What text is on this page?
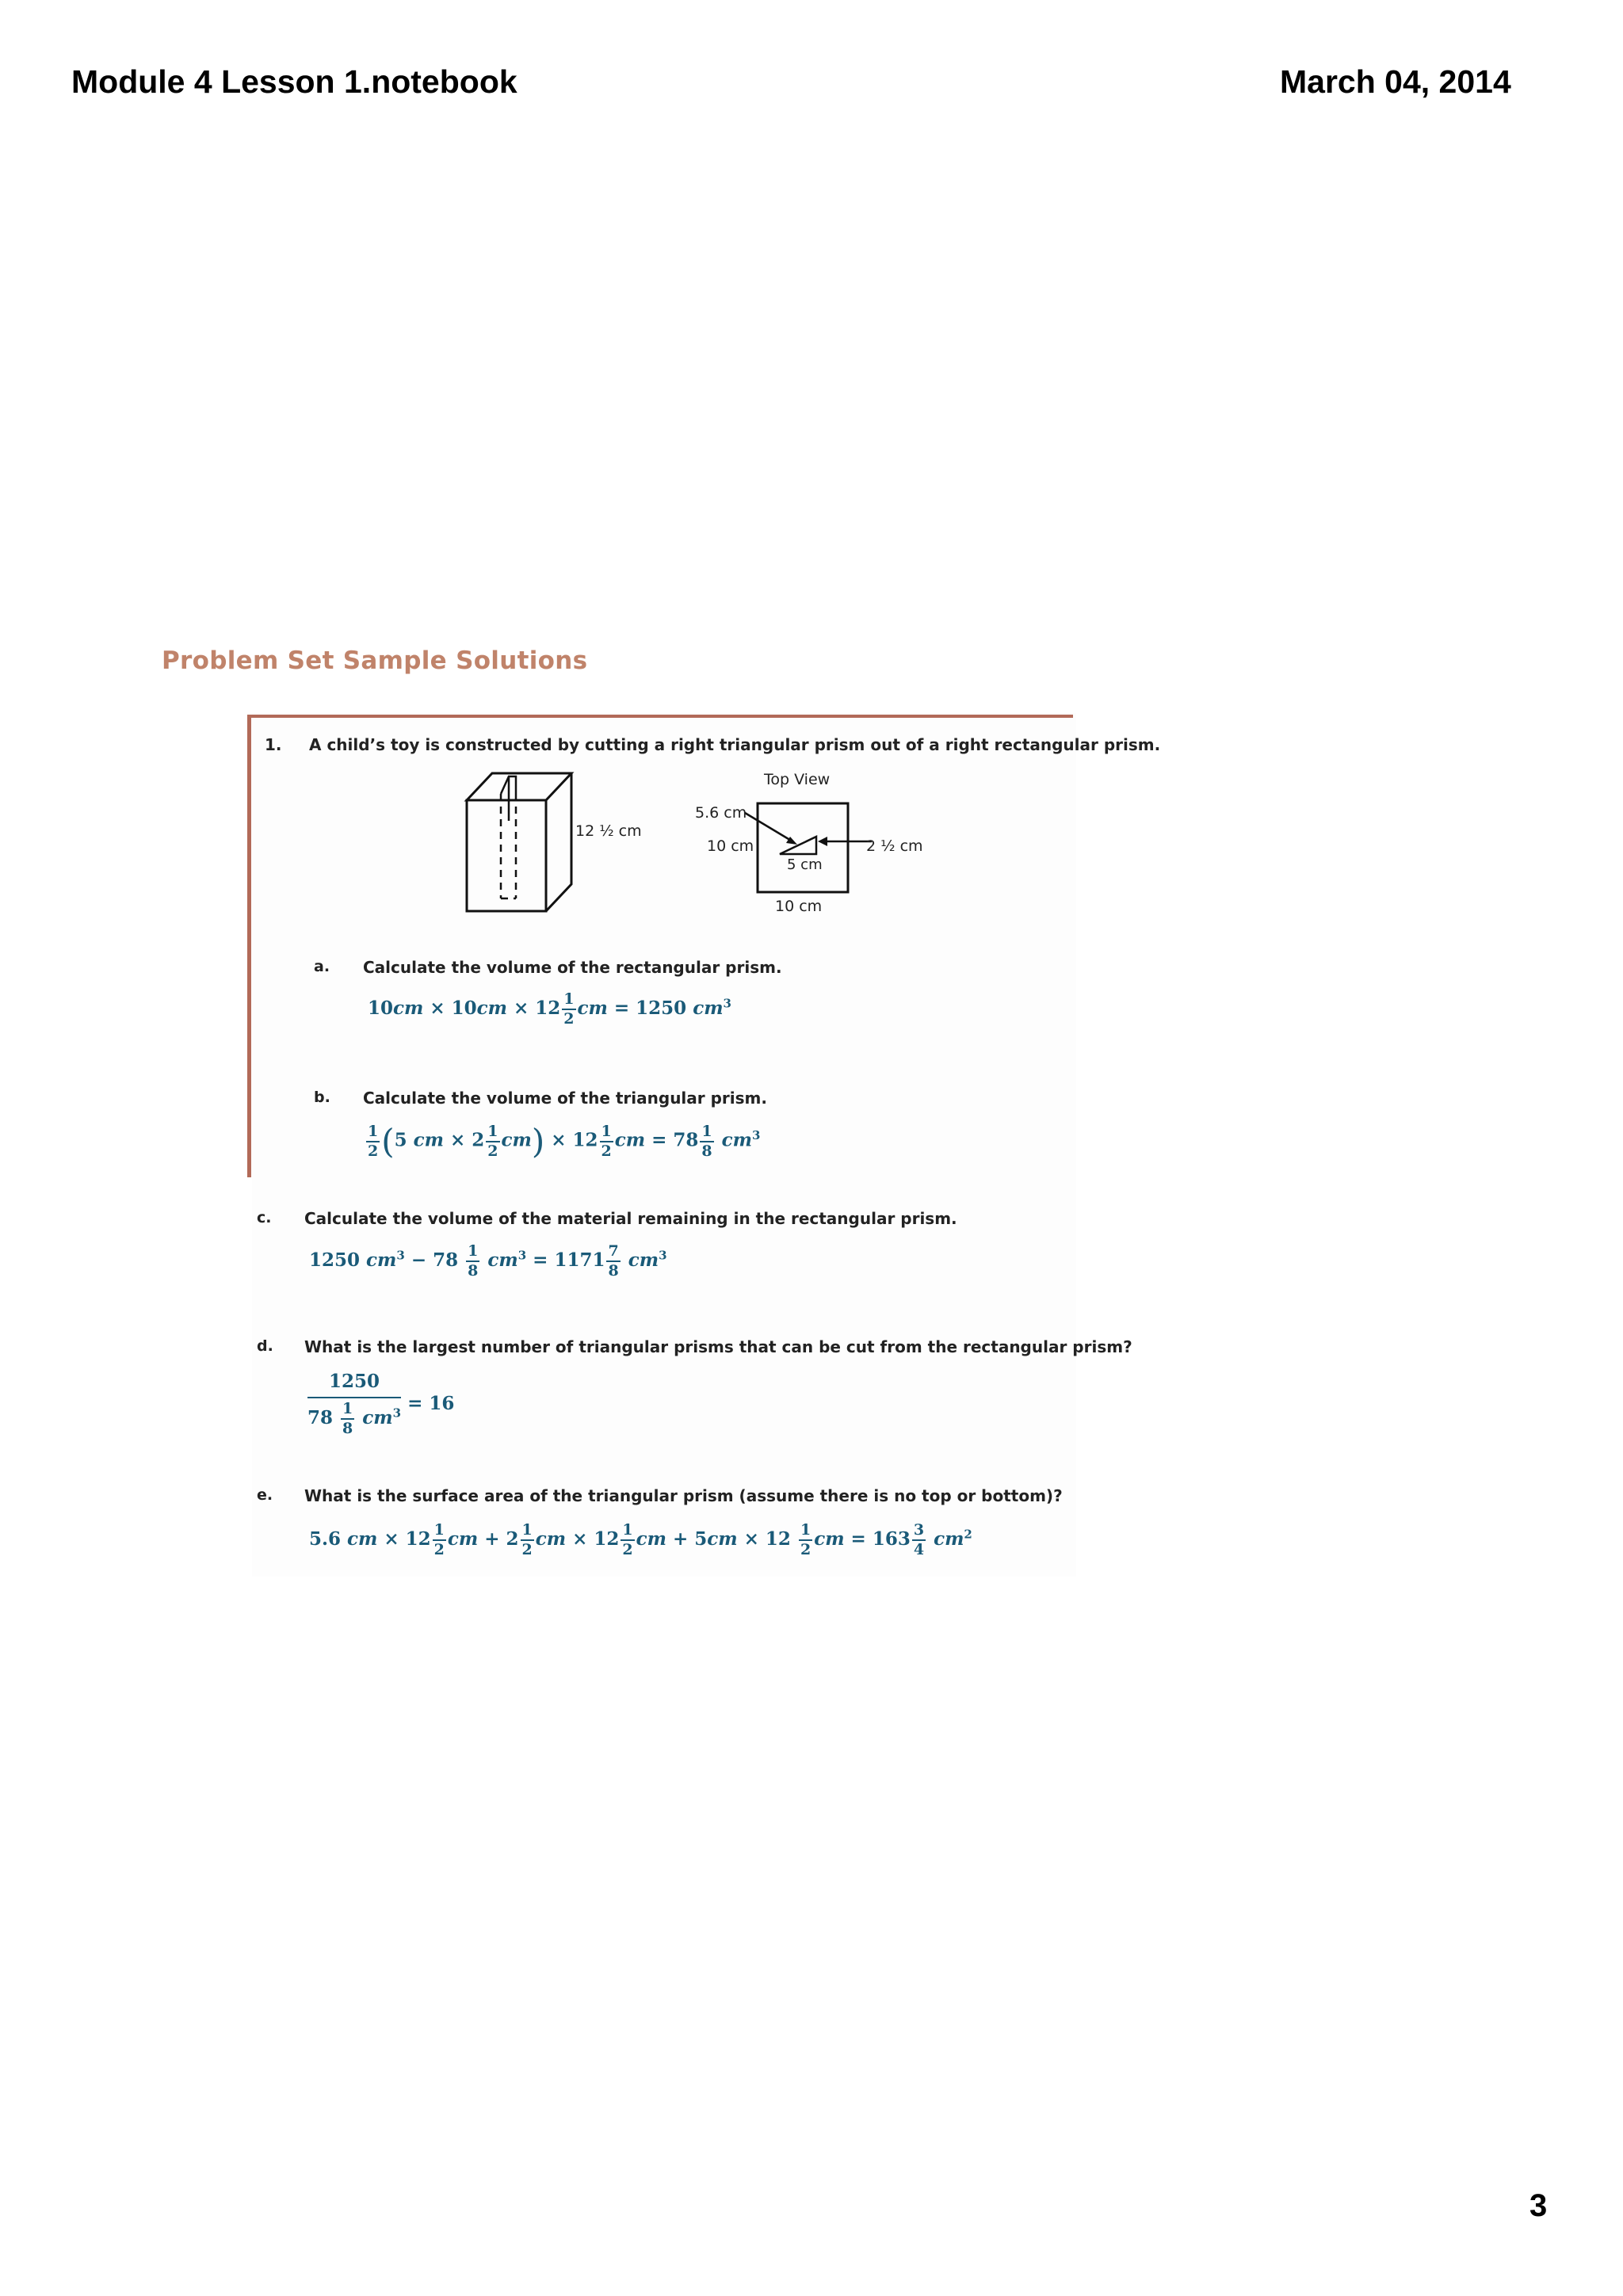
Module 4 Lesson 1.notebook	March 04, 2014
Problem Set Sample Solutions
1. A child’s toy is constructed by cutting a right triangular prism out of a right rectangular prism.
12 ½ cm
Top View
5.6 cm
10 cm	2 ½ cm
5 cm
10 cm
a. Calculate the volume of the rectangular prism.
$10cm \times 10cm \times 12 \frac{1}{2}$ cm = 1250 $cm^3$
b. Calculate the volume of the triangular prism.
$\frac{1}{2} (5$ cm × $2 \frac{1}{2} cm) \times 12 \frac{1}{2}$ cm = $78 \frac{1}{8} cm^3$
c. Calculate the volume of the material remaining in the rectangular prism.
1250 $cm^3 - 78 \frac{1}{8} cm^3 = 1171 \frac{7}{8} cm^3$
d. What is the largest number of triangular prisms that can be cut from the rectangular prism?
$\frac{1250}{78 \frac{1}{8} cm^3} = 16$
e. What is the surface area of the triangular prism (assume there is no top or bottom)?
5.6 cm × $12 \frac{1}{2}$ cm + $2 \frac{1}{2}$ cm × $12 \frac{1}{2}$ cm + $5cm \times 12 \frac{1}{2}$ cm = $163 \frac{3}{4} cm^2$
3
